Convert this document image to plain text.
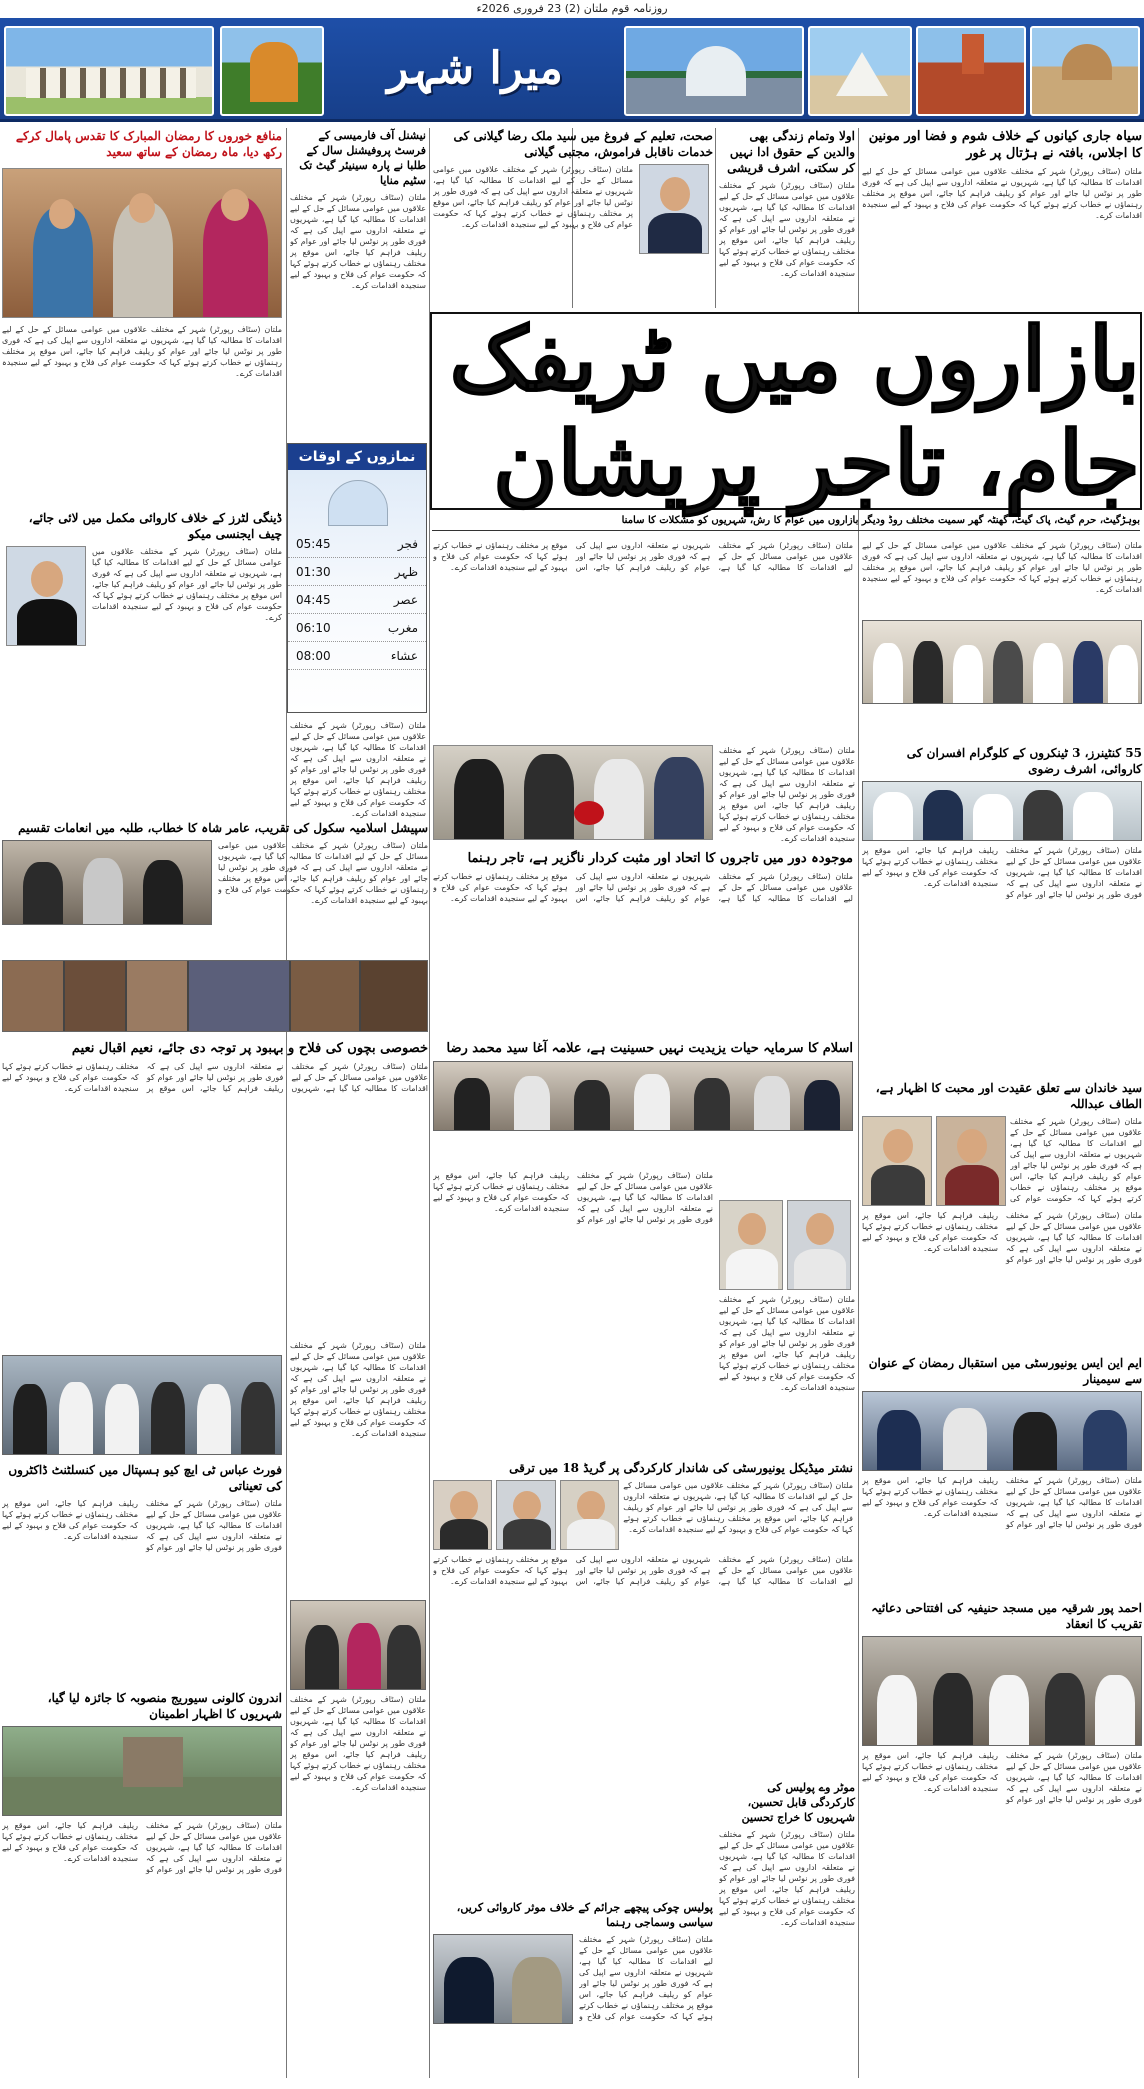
روزنامہ قوم ملتان (2) 23 فروری 2026ء
میرا شہر
سیاہ جاری کیانوں کے خلاف شوم و فضا اور مونین کا اجلاس، بافتہ نے ہڑتال پر غور
ملتان (سٹاف رپورٹر) شہر کے مختلف علاقوں میں عوامی مسائل کے حل کے لیے اقدامات کا مطالبہ کیا گیا ہے، شہریوں نے متعلقہ اداروں سے اپیل کی ہے کہ فوری طور پر نوٹس لیا جائے اور عوام کو ریلیف فراہم کیا جائے، اس موقع پر مختلف رہنماؤں نے خطاب کرتے ہوئے کہا کہ حکومت عوام کی فلاح و بہبود کے لیے سنجیدہ اقدامات کرے۔
اولا وتمام زندگی بھی والدین کے حقوق ادا نہیں کر سکتی، اشرف قریشی
ملتان (سٹاف رپورٹر) شہر کے مختلف علاقوں میں عوامی مسائل کے حل کے لیے اقدامات کا مطالبہ کیا گیا ہے، شہریوں نے متعلقہ اداروں سے اپیل کی ہے کہ فوری طور پر نوٹس لیا جائے اور عوام کو ریلیف فراہم کیا جائے، اس موقع پر مختلف رہنماؤں نے خطاب کرتے ہوئے کہا کہ حکومت عوام کی فلاح و بہبود کے لیے سنجیدہ اقدامات کرے۔
صحت، تعلیم کے فروغ میں سید ملک رضا گیلانی کی خدمات ناقابل فراموش، مجتبی گیلانی
ملتان (سٹاف رپورٹر) شہر کے مختلف علاقوں میں عوامی مسائل کے حل کے لیے اقدامات کا مطالبہ کیا گیا ہے، شہریوں نے متعلقہ اداروں سے اپیل کی ہے کہ فوری طور پر نوٹس لیا جائے اور عوام کو ریلیف فراہم کیا جائے، اس موقع پر مختلف رہنماؤں نے خطاب کرتے ہوئے کہا کہ حکومت عوام کی فلاح و بہبود کے لیے سنجیدہ اقدامات کرے۔
نیشنل آف فارمیسی کے فرسٹ پروفیشنل سال کے طلبا نے پارہ سینیئر گیٹ تک سٹیم منایا
ملتان (سٹاف رپورٹر) شہر کے مختلف علاقوں میں عوامی مسائل کے حل کے لیے اقدامات کا مطالبہ کیا گیا ہے، شہریوں نے متعلقہ اداروں سے اپیل کی ہے کہ فوری طور پر نوٹس لیا جائے اور عوام کو ریلیف فراہم کیا جائے، اس موقع پر مختلف رہنماؤں نے خطاب کرتے ہوئے کہا کہ حکومت عوام کی فلاح و بہبود کے لیے سنجیدہ اقدامات کرے۔
منافع خوروں کا رمضان المبارک کا تقدس پامال کرکے رکھ دیا، ماہ رمضان کے ساتھ سعید
ملتان (سٹاف رپورٹر) شہر کے مختلف علاقوں میں عوامی مسائل کے حل کے لیے اقدامات کا مطالبہ کیا گیا ہے، شہریوں نے متعلقہ اداروں سے اپیل کی ہے کہ فوری طور پر نوٹس لیا جائے اور عوام کو ریلیف فراہم کیا جائے، اس موقع پر مختلف رہنماؤں نے خطاب کرتے ہوئے کہا کہ حکومت عوام کی فلاح و بہبود کے لیے سنجیدہ اقدامات کرے۔ بازاروں میں ٹریفک جام، تاجر پریشان
بوہڑگیٹ، حرم گیٹ، پاک گیٹ، گھنٹہ گھر سمیت مختلف روڈ ودیگر بازاروں میں عوام کا رش، شہریوں کو مشکلات کا سامنا
نمازوں کے اوقات
05:45	فجر
01:30	ظہر
04:45	عصر
06:10	مغرب
08:00	عشاء
ملتان (سٹاف رپورٹر) شہر کے مختلف علاقوں میں عوامی مسائل کے حل کے لیے اقدامات کا مطالبہ کیا گیا ہے، شہریوں نے متعلقہ اداروں سے اپیل کی ہے کہ فوری طور پر نوٹس لیا جائے اور عوام کو ریلیف فراہم کیا جائے، اس موقع پر مختلف رہنماؤں نے خطاب کرتے ہوئے کہا کہ حکومت عوام کی فلاح و بہبود کے لیے سنجیدہ اقدامات کرے۔
ملتان (سٹاف رپورٹر) شہر کے مختلف علاقوں میں عوامی مسائل کے حل کے لیے اقدامات کا مطالبہ کیا گیا ہے، شہریوں نے متعلقہ اداروں سے اپیل کی ہے کہ فوری طور پر نوٹس لیا جائے اور عوام کو ریلیف فراہم کیا جائے، اس موقع پر مختلف رہنماؤں نے خطاب کرتے ہوئے کہا کہ حکومت عوام کی فلاح و بہبود کے لیے سنجیدہ اقدامات کرے۔
ملتان (سٹاف رپورٹر) شہر کے مختلف علاقوں میں عوامی مسائل کے حل کے لیے اقدامات کا مطالبہ کیا گیا ہے، شہریوں نے متعلقہ اداروں سے اپیل کی ہے کہ فوری طور پر نوٹس لیا جائے اور عوام کو ریلیف فراہم کیا جائے، اس موقع پر مختلف رہنماؤں نے خطاب کرتے ہوئے کہا کہ حکومت عوام کی فلاح و بہبود کے لیے سنجیدہ اقدامات کرے۔
55 کنٹینرز، 3 ٹینکروں کے کلوگرام افسران کی کاروائی، اشرف رضوی
ملتان (سٹاف رپورٹر) شہر کے مختلف علاقوں میں عوامی مسائل کے حل کے لیے اقدامات کا مطالبہ کیا گیا ہے، شہریوں نے متعلقہ اداروں سے اپیل کی ہے کہ فوری طور پر نوٹس لیا جائے اور عوام کو ریلیف فراہم کیا جائے، اس موقع پر مختلف رہنماؤں نے خطاب کرتے ہوئے کہا کہ حکومت عوام کی فلاح و بہبود کے لیے سنجیدہ اقدامات کرے۔
ڈینگی لٹرز کے خلاف کاروائی مکمل میں لائی جائے، چیف ایجنسی میکو
ملتان (سٹاف رپورٹر) شہر کے مختلف علاقوں میں عوامی مسائل کے حل کے لیے اقدامات کا مطالبہ کیا گیا ہے، شہریوں نے متعلقہ اداروں سے اپیل کی ہے کہ فوری طور پر نوٹس لیا جائے اور عوام کو ریلیف فراہم کیا جائے، اس موقع پر مختلف رہنماؤں نے خطاب کرتے ہوئے کہا کہ حکومت عوام کی فلاح و بہبود کے لیے سنجیدہ اقدامات کرے۔
ملتان (سٹاف رپورٹر) شہر کے مختلف علاقوں میں عوامی مسائل کے حل کے لیے اقدامات کا مطالبہ کیا گیا ہے، شہریوں نے متعلقہ اداروں سے اپیل کی ہے کہ فوری طور پر نوٹس لیا جائے اور عوام کو ریلیف فراہم کیا جائے، اس موقع پر مختلف رہنماؤں نے خطاب کرتے ہوئے کہا کہ حکومت عوام کی فلاح و بہبود کے لیے سنجیدہ اقدامات کرے۔
سپیشل اسلامیہ سکول کی تقریب، عامر شاہ کا خطاب، طلبہ میں انعامات تقسیم
ملتان (سٹاف رپورٹر) شہر کے مختلف علاقوں میں عوامی مسائل کے حل کے لیے اقدامات کا مطالبہ کیا گیا ہے، شہریوں نے متعلقہ اداروں سے اپیل کی ہے کہ فوری طور پر نوٹس لیا جائے اور عوام کو ریلیف فراہم کیا جائے، اس موقع پر مختلف رہنماؤں نے خطاب کرتے ہوئے کہا کہ حکومت عوام کی فلاح و بہبود کے لیے سنجیدہ اقدامات کرے۔
موجودہ دور میں تاجروں کا اتحاد اور مثبت کردار ناگزیر ہے، تاجر رہنما
ملتان (سٹاف رپورٹر) شہر کے مختلف علاقوں میں عوامی مسائل کے حل کے لیے اقدامات کا مطالبہ کیا گیا ہے، شہریوں نے متعلقہ اداروں سے اپیل کی ہے کہ فوری طور پر نوٹس لیا جائے اور عوام کو ریلیف فراہم کیا جائے، اس موقع پر مختلف رہنماؤں نے خطاب کرتے ہوئے کہا کہ حکومت عوام کی فلاح و بہبود کے لیے سنجیدہ اقدامات کرے۔
خصوصی بچوں کی فلاح و بہبود پر توجہ دی جائے، نعیم اقبال نعیم
ملتان (سٹاف رپورٹر) شہر کے مختلف علاقوں میں عوامی مسائل کے حل کے لیے اقدامات کا مطالبہ کیا گیا ہے، شہریوں نے متعلقہ اداروں سے اپیل کی ہے کہ فوری طور پر نوٹس لیا جائے اور عوام کو ریلیف فراہم کیا جائے، اس موقع پر مختلف رہنماؤں نے خطاب کرتے ہوئے کہا کہ حکومت عوام کی فلاح و بہبود کے لیے سنجیدہ اقدامات کرے۔
اسلام کا سرمایہ حیات یزیدیت نہیں حسینیت ہے، علامہ آغا سید محمد رضا
سید خاندان سے تعلق عقیدت اور محبت کا اظہار ہے، الطاف عبداللہ
ملتان (سٹاف رپورٹر) شہر کے مختلف علاقوں میں عوامی مسائل کے حل کے لیے اقدامات کا مطالبہ کیا گیا ہے، شہریوں نے متعلقہ اداروں سے اپیل کی ہے کہ فوری طور پر نوٹس لیا جائے اور عوام کو ریلیف فراہم کیا جائے، اس موقع پر مختلف رہنماؤں نے خطاب کرتے ہوئے کہا کہ حکومت عوام کی
ملتان (سٹاف رپورٹر) شہر کے مختلف علاقوں میں عوامی مسائل کے حل کے لیے اقدامات کا مطالبہ کیا گیا ہے، شہریوں نے متعلقہ اداروں سے اپیل کی ہے کہ فوری طور پر نوٹس لیا جائے اور عوام کو ریلیف فراہم کیا جائے، اس موقع پر مختلف رہنماؤں نے خطاب کرتے ہوئے کہا کہ حکومت عوام کی فلاح و بہبود کے لیے سنجیدہ اقدامات کرے۔
فورٹ عباس ٹی ایچ کیو ہسپتال میں کنسلٹنٹ ڈاکٹروں کی تعیناتی
ملتان (سٹاف رپورٹر) شہر کے مختلف علاقوں میں عوامی مسائل کے حل کے لیے اقدامات کا مطالبہ کیا گیا ہے، شہریوں نے متعلقہ اداروں سے اپیل کی ہے کہ فوری طور پر نوٹس لیا جائے اور عوام کو ریلیف فراہم کیا جائے، اس موقع پر مختلف رہنماؤں نے خطاب کرتے ہوئے کہا کہ حکومت عوام کی فلاح و بہبود کے لیے سنجیدہ اقدامات کرے۔
ملتان (سٹاف رپورٹر) شہر کے مختلف علاقوں میں عوامی مسائل کے حل کے لیے اقدامات کا مطالبہ کیا گیا ہے، شہریوں نے متعلقہ اداروں سے اپیل کی ہے کہ فوری طور پر نوٹس لیا جائے اور عوام کو ریلیف فراہم کیا جائے، اس موقع پر مختلف رہنماؤں نے خطاب کرتے ہوئے کہا کہ حکومت عوام کی فلاح و بہبود کے لیے سنجیدہ اقدامات کرے۔
ملتان (سٹاف رپورٹر) شہر کے مختلف علاقوں میں عوامی مسائل کے حل کے لیے اقدامات کا مطالبہ کیا گیا ہے، شہریوں نے متعلقہ اداروں سے اپیل کی ہے کہ فوری طور پر نوٹس لیا جائے اور عوام کو ریلیف فراہم کیا جائے، اس موقع پر مختلف رہنماؤں نے خطاب کرتے ہوئے کہا کہ حکومت عوام کی فلاح و بہبود کے لیے سنجیدہ اقدامات کرے۔
ملتان (سٹاف رپورٹر) شہر کے مختلف علاقوں میں عوامی مسائل کے حل کے لیے اقدامات کا مطالبہ کیا گیا ہے، شہریوں نے متعلقہ اداروں سے اپیل کی ہے کہ فوری طور پر نوٹس لیا جائے اور عوام کو ریلیف فراہم کیا جائے، اس موقع پر مختلف رہنماؤں نے خطاب کرتے ہوئے کہا کہ حکومت عوام کی فلاح و بہبود کے لیے سنجیدہ اقدامات کرے۔
ایم این ایس یونیورسٹی میں استقبال رمضان کے عنوان سے سیمینار
ملتان (سٹاف رپورٹر) شہر کے مختلف علاقوں میں عوامی مسائل کے حل کے لیے اقدامات کا مطالبہ کیا گیا ہے، شہریوں نے متعلقہ اداروں سے اپیل کی ہے کہ فوری طور پر نوٹس لیا جائے اور عوام کو ریلیف فراہم کیا جائے، اس موقع پر مختلف رہنماؤں نے خطاب کرتے ہوئے کہا کہ حکومت عوام کی فلاح و بہبود کے لیے سنجیدہ اقدامات کرے۔
نشتر میڈیکل یونیورسٹی کی شاندار کارکردگی پر گریڈ 18 میں ترقی
ملتان (سٹاف رپورٹر) شہر کے مختلف علاقوں میں عوامی مسائل کے حل کے لیے اقدامات کا مطالبہ کیا گیا ہے، شہریوں نے متعلقہ اداروں سے اپیل کی ہے کہ فوری طور پر نوٹس لیا جائے اور عوام کو ریلیف فراہم کیا جائے، اس موقع پر مختلف رہنماؤں نے خطاب کرتے ہوئے کہا کہ حکومت عوام کی فلاح و بہبود کے لیے سنجیدہ اقدامات کرے۔
ملتان (سٹاف رپورٹر) شہر کے مختلف علاقوں میں عوامی مسائل کے حل کے لیے اقدامات کا مطالبہ کیا گیا ہے، شہریوں نے متعلقہ اداروں سے اپیل کی ہے کہ فوری طور پر نوٹس لیا جائے اور عوام کو ریلیف فراہم کیا جائے، اس موقع پر مختلف رہنماؤں نے خطاب کرتے ہوئے کہا کہ حکومت عوام کی فلاح و بہبود کے لیے سنجیدہ اقدامات کرے۔
احمد پور شرقیہ میں مسجد حنیفیہ کی افتتاحی دعائیہ تقریب کا انعقاد
ملتان (سٹاف رپورٹر) شہر کے مختلف علاقوں میں عوامی مسائل کے حل کے لیے اقدامات کا مطالبہ کیا گیا ہے، شہریوں نے متعلقہ اداروں سے اپیل کی ہے کہ فوری طور پر نوٹس لیا جائے اور عوام کو ریلیف فراہم کیا جائے، اس موقع پر مختلف رہنماؤں نے خطاب کرتے ہوئے کہا کہ حکومت عوام کی فلاح و بہبود کے لیے سنجیدہ اقدامات کرے۔
اندرون کالونی سیوریج منصوبہ کا جائزہ لیا گیا، شہریوں کا اظہار اطمینان
ملتان (سٹاف رپورٹر) شہر کے مختلف علاقوں میں عوامی مسائل کے حل کے لیے اقدامات کا مطالبہ کیا گیا ہے، شہریوں نے متعلقہ اداروں سے اپیل کی ہے کہ فوری طور پر نوٹس لیا جائے اور عوام کو ریلیف فراہم کیا جائے، اس موقع پر مختلف رہنماؤں نے خطاب کرتے ہوئے کہا کہ حکومت عوام کی فلاح و بہبود کے لیے سنجیدہ اقدامات کرے۔
ملتان (سٹاف رپورٹر) شہر کے مختلف علاقوں میں عوامی مسائل کے حل کے لیے اقدامات کا مطالبہ کیا گیا ہے، شہریوں نے متعلقہ اداروں سے اپیل کی ہے کہ فوری طور پر نوٹس لیا جائے اور عوام کو ریلیف فراہم کیا جائے، اس موقع پر مختلف رہنماؤں نے خطاب کرتے ہوئے کہا کہ حکومت عوام کی فلاح و بہبود کے لیے سنجیدہ اقدامات کرے۔
پولیس چوکی پیچھے جرائم کے خلاف موثر کاروائی کریں، سیاسی وسماجی رہنما
ملتان (سٹاف رپورٹر) شہر کے مختلف علاقوں میں عوامی مسائل کے حل کے لیے اقدامات کا مطالبہ کیا گیا ہے، شہریوں نے متعلقہ اداروں سے اپیل کی ہے کہ فوری طور پر نوٹس لیا جائے اور عوام کو ریلیف فراہم کیا جائے، اس موقع پر مختلف رہنماؤں نے خطاب کرتے ہوئے کہا کہ حکومت عوام کی فلاح و
موٹر وے پولیس کی کارکردگی قابل تحسین، شہریوں کا خراج تحسین
ملتان (سٹاف رپورٹر) شہر کے مختلف علاقوں میں عوامی مسائل کے حل کے لیے اقدامات کا مطالبہ کیا گیا ہے، شہریوں نے متعلقہ اداروں سے اپیل کی ہے کہ فوری طور پر نوٹس لیا جائے اور عوام کو ریلیف فراہم کیا جائے، اس موقع پر مختلف رہنماؤں نے خطاب کرتے ہوئے کہا کہ حکومت عوام کی فلاح و بہبود کے لیے سنجیدہ اقدامات کرے۔
